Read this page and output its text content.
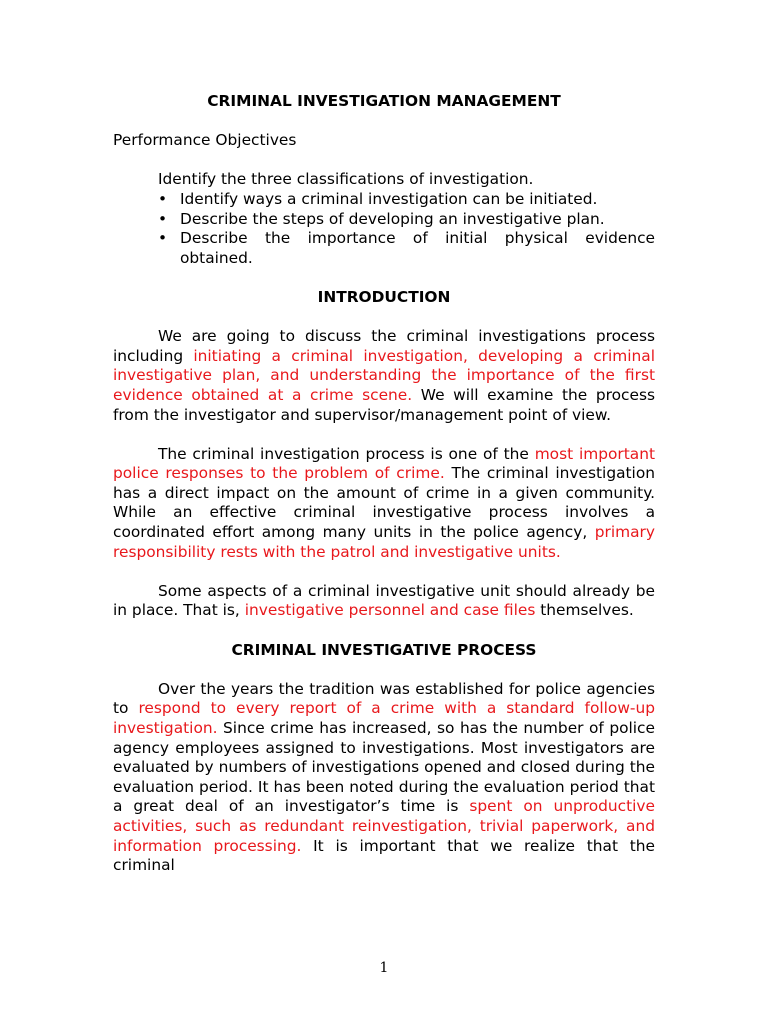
CRIMINAL INVESTIGATION MANAGEMENT

Performance Objectives

Identify the three classifications of investigation.

• Identify ways a criminal investigation can be initiated.
• Describe the steps of developing an investigative plan.
• Describe the importance of initial physical evidence obtained.

INTRODUCTION

We are going to discuss the criminal investigations process including initiating a criminal investigation, developing a criminal investigative plan, and understanding the importance of the first evidence obtained at a crime scene. We will examine the process from the investigator and supervisor/management point of view.

The criminal investigation process is one of the most important police responses to the problem of crime. The criminal investigation has a direct impact on the amount of crime in a given community. While an effective criminal investigative process involves a coordinated effort among many units in the police agency, primary responsibility rests with the patrol and investigative units.

Some aspects of a criminal investigative unit should already be in place. That is, investigative personnel and case files themselves.

CRIMINAL INVESTIGATIVE PROCESS

Over the years the tradition was established for police agencies to respond to every report of a crime with a standard follow-up investigation. Since crime has increased, so has the number of police agency employees assigned to investigations. Most investigators are evaluated by numbers of investigations opened and closed during the evaluation period. It has been noted during the evaluation period that a great deal of an investigator’s time is spent on unproductive activities, such as redundant reinvestigation, trivial paperwork, and information processing. It is important that we realize that the criminal

1
